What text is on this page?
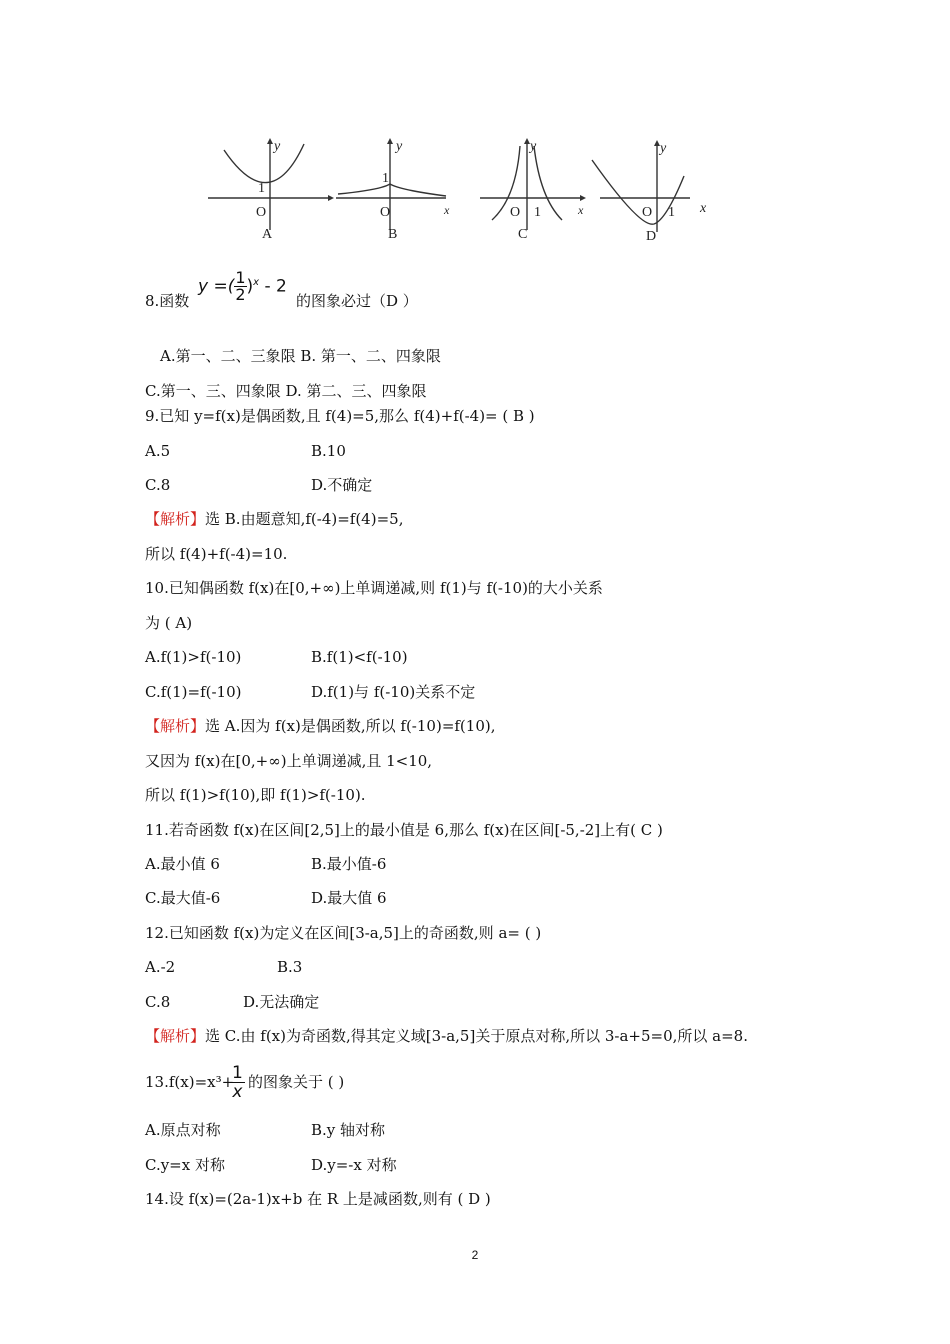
y
1
O
A
y
1
O	x
B
y
O 1	x
C
y
O 1 x
D
y =( $\frac{1}{2} )^x - 2$
8.函数	的图象必过（D ）
A.第一、二、三象限 B. 第一、二、四象限
C.第一、三、四象限 D. 第二、三、四象限
9.已知 y=f(x)是偶函数,且 f(4)=5,那么 f(4)+f(-4)= ( B )
A.5	B.10
C.8	D.不确定
【解析】选 B.由题意知,f(-4)=f(4)=5,
所以 f(4)+f(-4)=10.
10.已知偶函数 f(x)在[0,+∞)上单调递减,则 f(1)与 f(-10)的大小关系
为 ( A)
A.f(1)>f(-10)	B.f(1)<f(-10)
C.f(1)=f(-10)	D.f(1)与 f(-10)关系不定
【解析】选 A.因为 f(x)是偶函数,所以 f(-10)=f(10),
又因为 f(x)在[0,+∞)上单调递减,且 1<10,
所以 f(1)>f(10),即 f(1)>f(-10).
11.若奇函数 f(x)在区间[2,5]上的最小值是 6,那么 f(x)在区间[-5,-2]上有( C )
A.最小值 6	B.最小值-6
C.最大值-6	D.最大值 6
12.已知函数 f(x)为定义在区间[3-a,5]上的奇函数,则 a= ( )
A.-2	B.3
C.8	D.无法确定
【解析】选 C.由 f(x)为奇函数,得其定义域[3-a,5]关于原点对称,所以 3-a+5=0,所以 a=8.
13.f(x)=x³+
1
x 的图象关于 ( )
A.原点对称	B.y 轴对称
C.y=x 对称	D.y=-x 对称
14.设 f(x)=(2a-1)x+b 在 R 上是减函数,则有 ( D )
2
